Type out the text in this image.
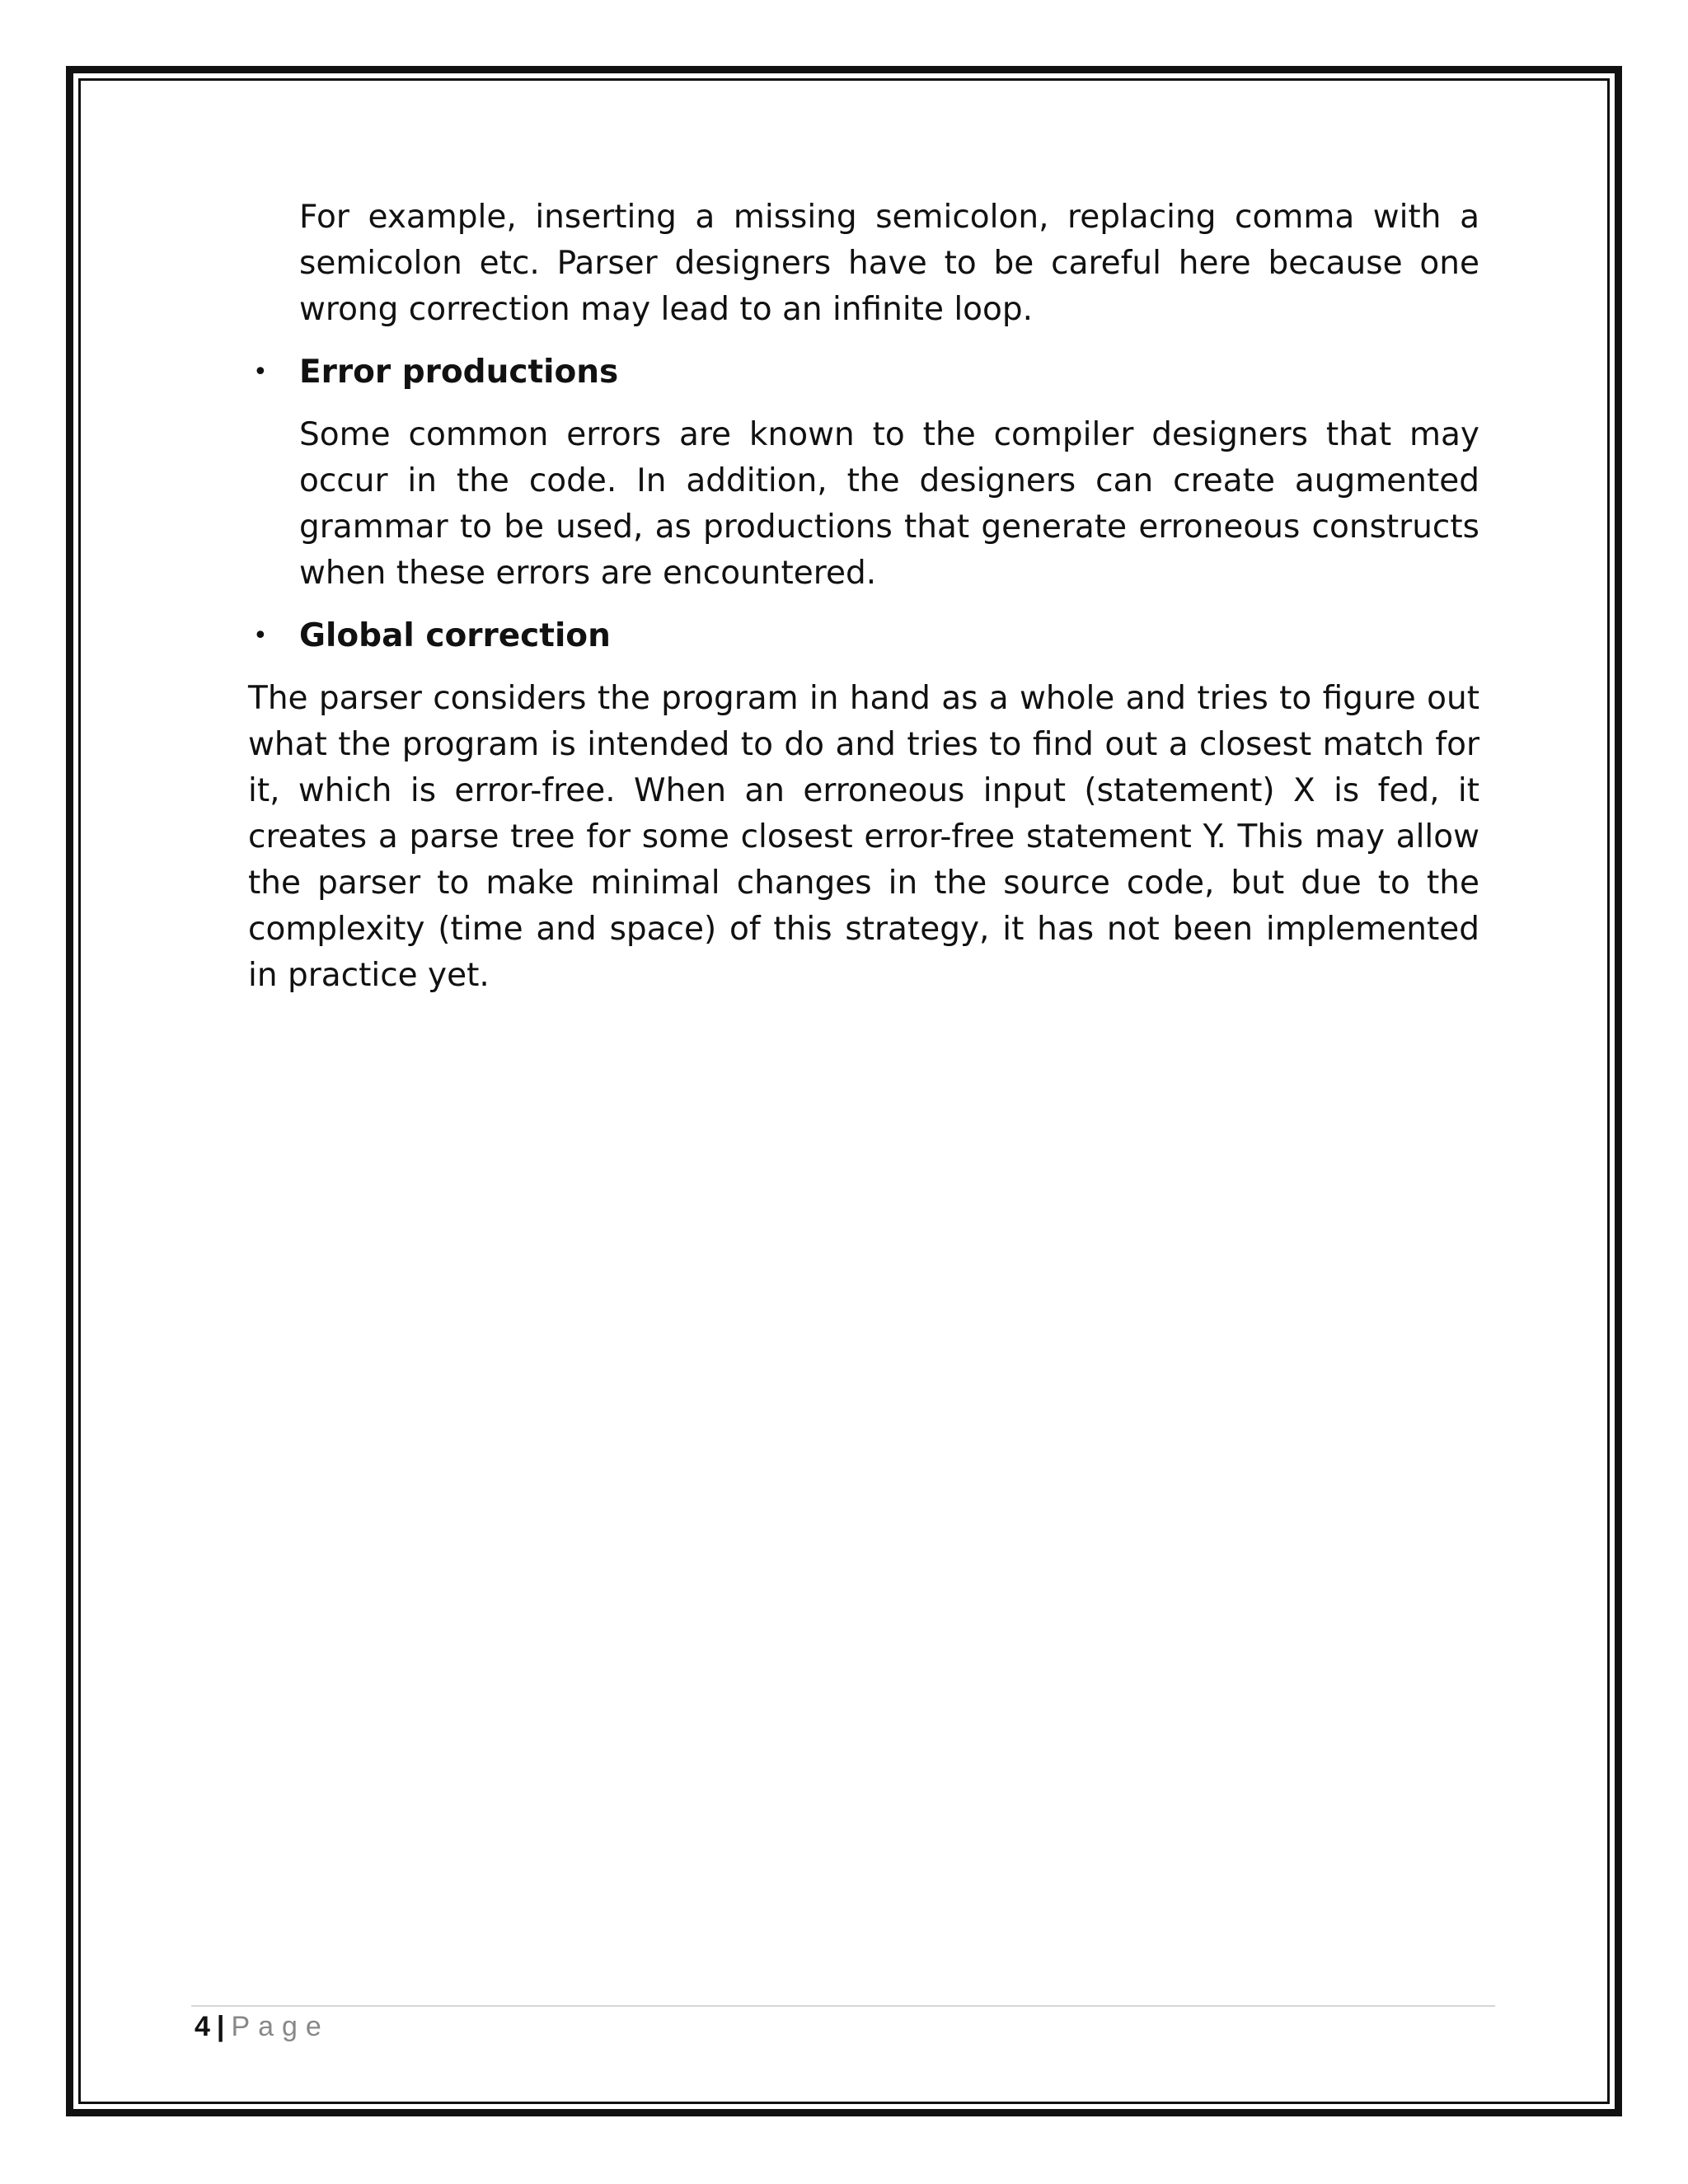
For example, inserting a missing semicolon, replacing comma with a semicolon etc. Parser designers have to be careful here because one wrong correction may lead to an infinite loop.

• Error productions

Some common errors are known to the compiler designers that may occur in the code. In addition, the designers can create augmented grammar to be used, as productions that generate erroneous constructs when these errors are encountered.

• Global correction

The parser considers the program in hand as a whole and tries to figure out what the program is intended to do and tries to find out a closest match for it, which is error-free. When an erroneous input (statement) X is fed, it creates a parse tree for some closest error-free statement Y. This may allow the parser to make minimal changes in the source code, but due to the complexity (time and space) of this strategy, it has not been implemented in practice yet.

4 | Page
